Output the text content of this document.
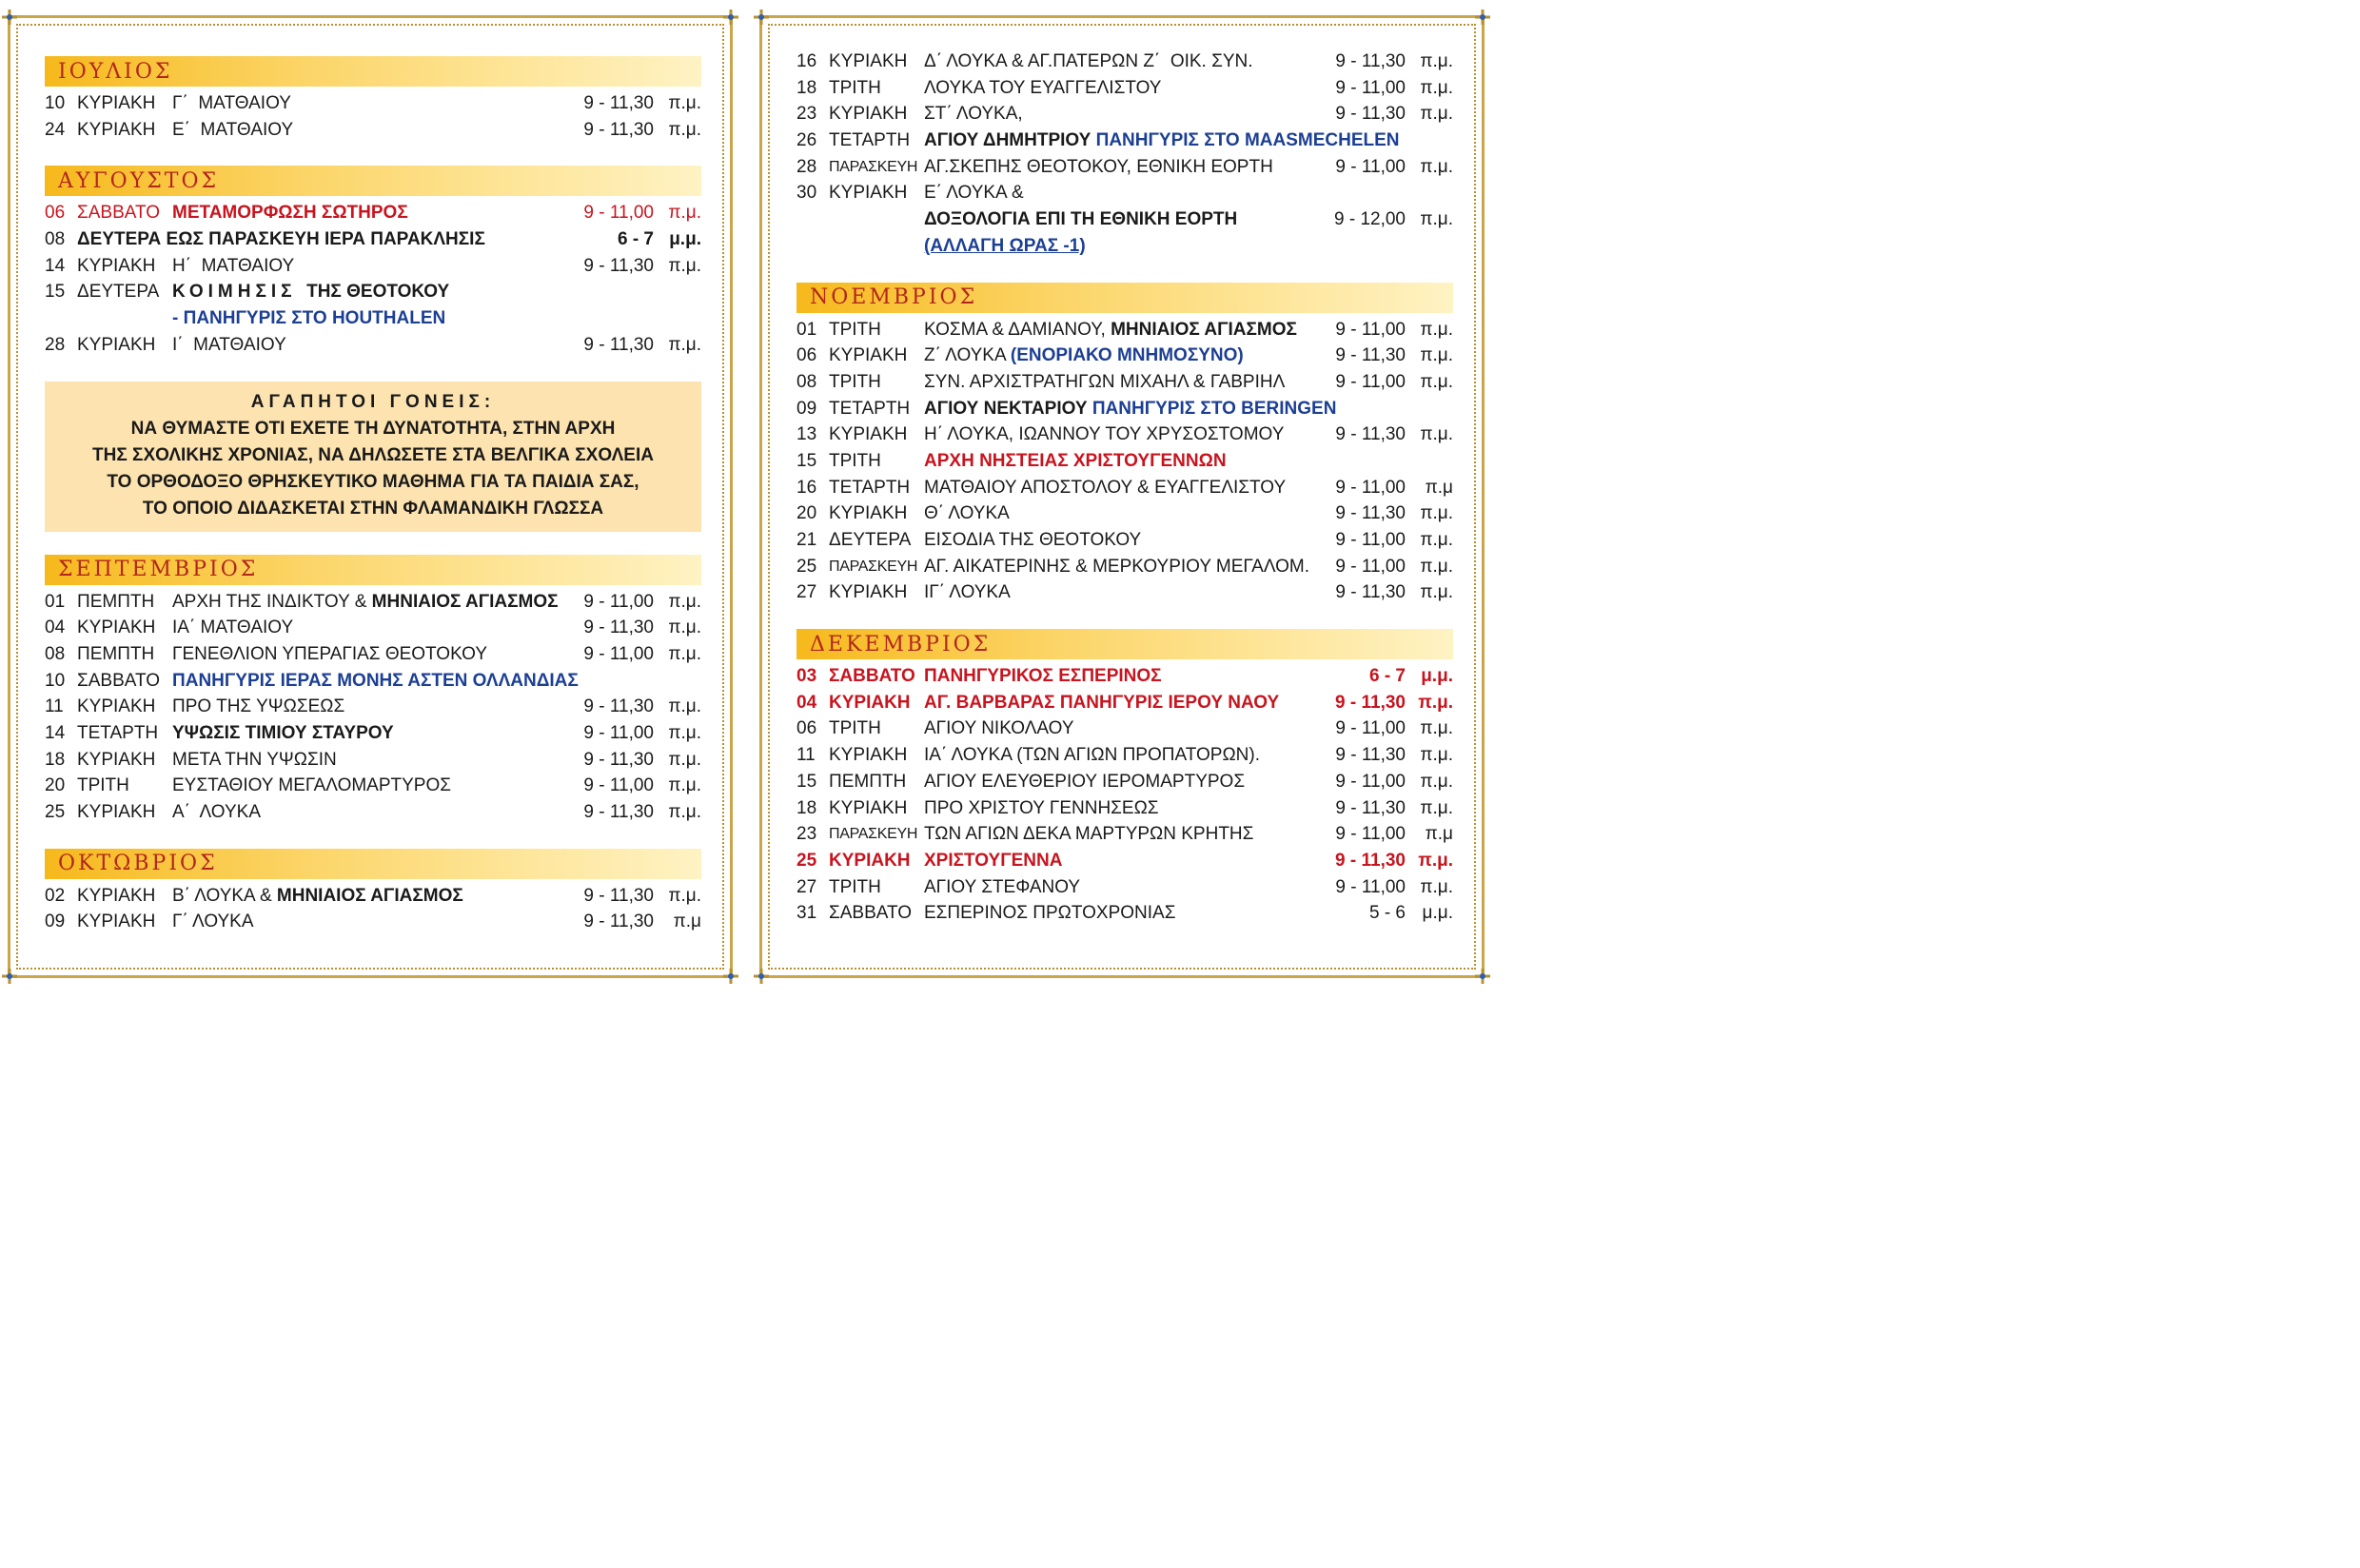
ΙΟΥΛΙΟΣ
10 ΚΥΡΙΑΚΗ Γ΄  ΜΑΤΘΑΙΟΥ	9 - 11,30 π.μ.
24 ΚΥΡΙΑΚΗ Ε΄  ΜΑΤΘΑΙΟΥ	9 - 11,30 π.μ.
ΑΥΓΟΥΣΤΟΣ
06 ΣΑΒΒΑΤΟ ΜΕΤΑΜΟΡΦΩΣΗ ΣΩΤΗΡΟΣ	9 - 11,00 π.μ.
08 ΔΕΥΤΕΡΑ ΕΩΣ ΠΑΡΑΣΚΕΥΗ ΙΕΡΑ ΠΑΡΑΚΛΗΣΙΣ	6 - 7 μ.μ.
14 ΚΥΡΙΑΚΗ Η΄  ΜΑΤΘΑΙΟΥ	9 - 11,30 π.μ.
15 ΔΕΥΤΕΡΑ ΚΟΙΜΗΣΙΣ  ΤΗΣ ΘΕΟΤΟΚΟΥ
- ΠΑΝΗΓΥΡΙΣ ΣΤΟ HOUTHALEN
28 ΚΥΡΙΑΚΗ Ι΄  ΜΑΤΘΑΙΟΥ	9 - 11,30 π.μ.
ΑΓΑΠΗΤΟΙ ΓΟΝΕΙΣ:
ΝΑ ΘΥΜΑΣΤΕ ΟΤΙ ΕΧΕΤΕ ΤΗ ΔΥΝΑΤΟΤΗΤΑ, ΣΤΗΝ ΑΡΧΗ
ΤΗΣ ΣΧΟΛΙΚΗΣ ΧΡΟΝΙΑΣ, ΝΑ ΔΗΛΩΣΕΤΕ ΣΤΑ ΒΕΛΓΙΚΑ ΣΧΟΛΕΙΑ
ΤΟ ΟΡΘΟΔΟΞΟ ΘΡΗΣΚΕΥΤΙΚΟ ΜΑΘΗΜΑ ΓΙΑ ΤΑ ΠΑΙΔΙΑ ΣΑΣ,
ΤΟ ΟΠΟΙΟ ΔΙΔΑΣΚΕΤΑΙ ΣΤΗΝ ΦΛΑΜΑΝΔΙΚΗ ΓΛΩΣΣΑ
ΣΕΠΤΕΜΒΡΙΟΣ
01 ΠΕΜΠΤΗ ΑΡΧΗ ΤΗΣ ΙΝΔΙΚΤΟΥ & ΜΗΝΙΑΙΟΣ ΑΓΙΑΣΜΟΣ	9 - 11,00 π.μ.
04 ΚΥΡΙΑΚΗ ΙΑ΄ ΜΑΤΘΑΙΟΥ	9 - 11,30 π.μ.
08 ΠΕΜΠΤΗ ΓΕΝΕΘΛΙΟΝ ΥΠΕΡΑΓΙΑΣ ΘΕΟΤΟΚΟΥ	9 - 11,00 π.μ.
10 ΣΑΒΒΑΤΟ ΠΑΝΗΓΥΡΙΣ ΙΕΡΑΣ ΜΟΝΗΣ ΑΣΤΕΝ ΟΛΛΑΝΔΙΑΣ
11 ΚΥΡΙΑΚΗ ΠΡΟ ΤΗΣ ΥΨΩΣΕΩΣ	9 - 11,30 π.μ.
14 ΤΕΤΑΡΤΗ ΥΨΩΣΙΣ ΤΙΜΙΟΥ ΣΤΑΥΡΟΥ	9 - 11,00 π.μ.
18 ΚΥΡΙΑΚΗ ΜΕΤΑ ΤΗΝ ΥΨΩΣΙΝ	9 - 11,30 π.μ.
20 ΤΡΙΤΗ	ΕΥΣΤΑΘΙΟΥ ΜΕΓΑΛΟΜΑΡΤΥΡΟΣ	9 - 11,00 π.μ.
25 ΚΥΡΙΑΚΗ Α΄  ΛΟΥΚΑ	9 - 11,30 π.μ.
ΟΚΤΩΒΡΙΟΣ
02 ΚΥΡΙΑΚΗ Β΄ ΛΟΥΚΑ & ΜΗΝΙΑΙΟΣ ΑΓΙΑΣΜΟΣ	9 - 11,30 π.μ.
09 ΚΥΡΙΑΚΗ Γ΄ ΛΟΥΚΑ	9 - 11,30	π.μ
16 ΚΥΡΙΑΚΗ Δ΄ ΛΟΥΚΑ & ΑΓ.ΠΑΤΕΡΩΝ Ζ΄  ΟΙΚ. ΣΥΝ.	9 - 11,30 π.μ.
18 ΤΡΙΤΗ	ΛΟΥΚΑ ΤΟΥ ΕΥΑΓΓΕΛΙΣΤΟΥ	9 - 11,00 π.μ.
23 ΚΥΡΙΑΚΗ ΣΤ΄ ΛΟΥΚΑ,	9 - 11,30 π.μ.
26 ΤΕΤΑΡΤΗ ΑΓΙΟΥ ΔΗΜΗΤΡΙΟΥ ΠΑΝΗΓΥΡΙΣ ΣΤΟ MAASMECHELEN
28 ΠΑΡΑΣΚΕΥΗ ΑΓ.ΣΚΕΠΗΣ ΘΕΟΤΟΚΟΥ, ΕΘΝΙΚΗ ΕΟΡΤΗ	9 - 11,00 π.μ.
30 ΚΥΡΙΑΚΗ Ε΄ ΛΟΥΚΑ &
ΔΟΞΟΛΟΓΙΑ ΕΠΙ ΤΗ ΕΘΝΙΚΗ ΕΟΡΤΗ	9 - 12,00 π.μ.
(ΑΛΛΑΓΗ ΩΡΑΣ -1)
ΝΟΕΜΒΡΙΟΣ
01 ΤΡΙΤΗ	ΚΟΣΜΑ & ΔΑΜΙΑΝΟΥ, ΜΗΝΙΑΙΟΣ ΑΓΙΑΣΜΟΣ	9 - 11,00 π.μ.
06 ΚΥΡΙΑΚΗ Ζ΄ ΛΟΥΚΑ (ΕΝΟΡΙΑΚΟ ΜΝΗΜΟΣΥΝΟ)	9 - 11,30 π.μ.
08 ΤΡΙΤΗ	ΣΥΝ. ΑΡΧΙΣΤΡΑΤΗΓΩΝ ΜΙΧΑΗΛ & ΓΑΒΡΙΗΛ	9 - 11,00 π.μ.
09 ΤΕΤΑΡΤΗ ΑΓΙΟΥ ΝΕΚΤΑΡΙΟΥ ΠΑΝΗΓΥΡΙΣ ΣΤΟ BERINGEN
13 ΚΥΡΙΑΚΗ Η΄ ΛΟΥΚΑ, ΙΩΑΝΝΟΥ ΤΟΥ ΧΡΥΣΟΣΤΟΜΟΥ	9 - 11,30 π.μ.
15 ΤΡΙΤΗ	ΑΡΧΗ ΝΗΣΤΕΙΑΣ ΧΡΙΣΤΟΥΓΕΝΝΩΝ
16 ΤΕΤΑΡΤΗ ΜΑΤΘΑΙΟΥ ΑΠΟΣΤΟΛΟΥ & ΕΥΑΓΓΕΛΙΣΤΟΥ	9 - 11,00	π.μ
20 ΚΥΡΙΑΚΗ Θ΄ ΛΟΥΚΑ	9 - 11,30 π.μ.
21 ΔΕΥΤΕΡΑ ΕΙΣΟΔΙΑ ΤΗΣ ΘΕΟΤΟΚΟΥ	9 - 11,00 π.μ.
25 ΠΑΡΑΣΚΕΥΗ ΑΓ. ΑΙΚΑΤΕΡΙΝΗΣ & ΜΕΡΚΟΥΡΙΟΥ ΜΕΓΑΛΟΜ.	9 - 11,00 π.μ.
27 ΚΥΡΙΑΚΗ ΙΓ΄ ΛΟΥΚΑ	9 - 11,30 π.μ.
ΔΕΚΕΜΒΡΙΟΣ
03 ΣΑΒΒΑΤΟ ΠΑΝΗΓΥΡΙΚΟΣ ΕΣΠΕΡΙΝΟΣ	6 - 7 μ.μ.
04 ΚΥΡΙΑΚΗ ΑΓ. ΒΑΡΒΑΡΑΣ ΠΑΝΗΓΥΡΙΣ ΙΕΡΟΥ ΝΑΟΥ	9 - 11,30 π.μ.
06 ΤΡΙΤΗ	ΑΓΙΟΥ ΝΙΚΟΛΑΟΥ	9 - 11,00 π.μ.
11 ΚΥΡΙΑΚΗ ΙΑ΄ ΛΟΥΚΑ (ΤΩΝ ΑΓΙΩΝ ΠΡΟΠΑΤΟΡΩΝ).	9 - 11,30 π.μ.
15 ΠΕΜΠΤΗ ΑΓΙΟΥ ΕΛΕΥΘΕΡΙΟΥ ΙΕΡΟΜΑΡΤΥΡΟΣ	9 - 11,00 π.μ.
18 ΚΥΡΙΑΚΗ ΠΡΟ ΧΡΙΣΤΟΥ ΓΕΝΝΗΣΕΩΣ	9 - 11,30 π.μ.
23 ΠΑΡΑΣΚΕΥΗ ΤΩΝ ΑΓΙΩΝ ΔΕΚΑ ΜΑΡΤΥΡΩΝ ΚΡΗΤΗΣ	9 - 11,00	π.μ
25 ΚΥΡΙΑΚΗ ΧΡΙΣΤΟΥΓΕΝΝΑ	9 - 11,30 π.μ.
27 ΤΡΙΤΗ	ΑΓΙΟΥ ΣΤΕΦΑΝΟΥ	9 - 11,00 π.μ.
31 ΣΑΒΒΑΤΟ ΕΣΠΕΡΙΝΟΣ ΠΡΩΤΟΧΡΟΝΙΑΣ	5 - 6 μ.μ.
